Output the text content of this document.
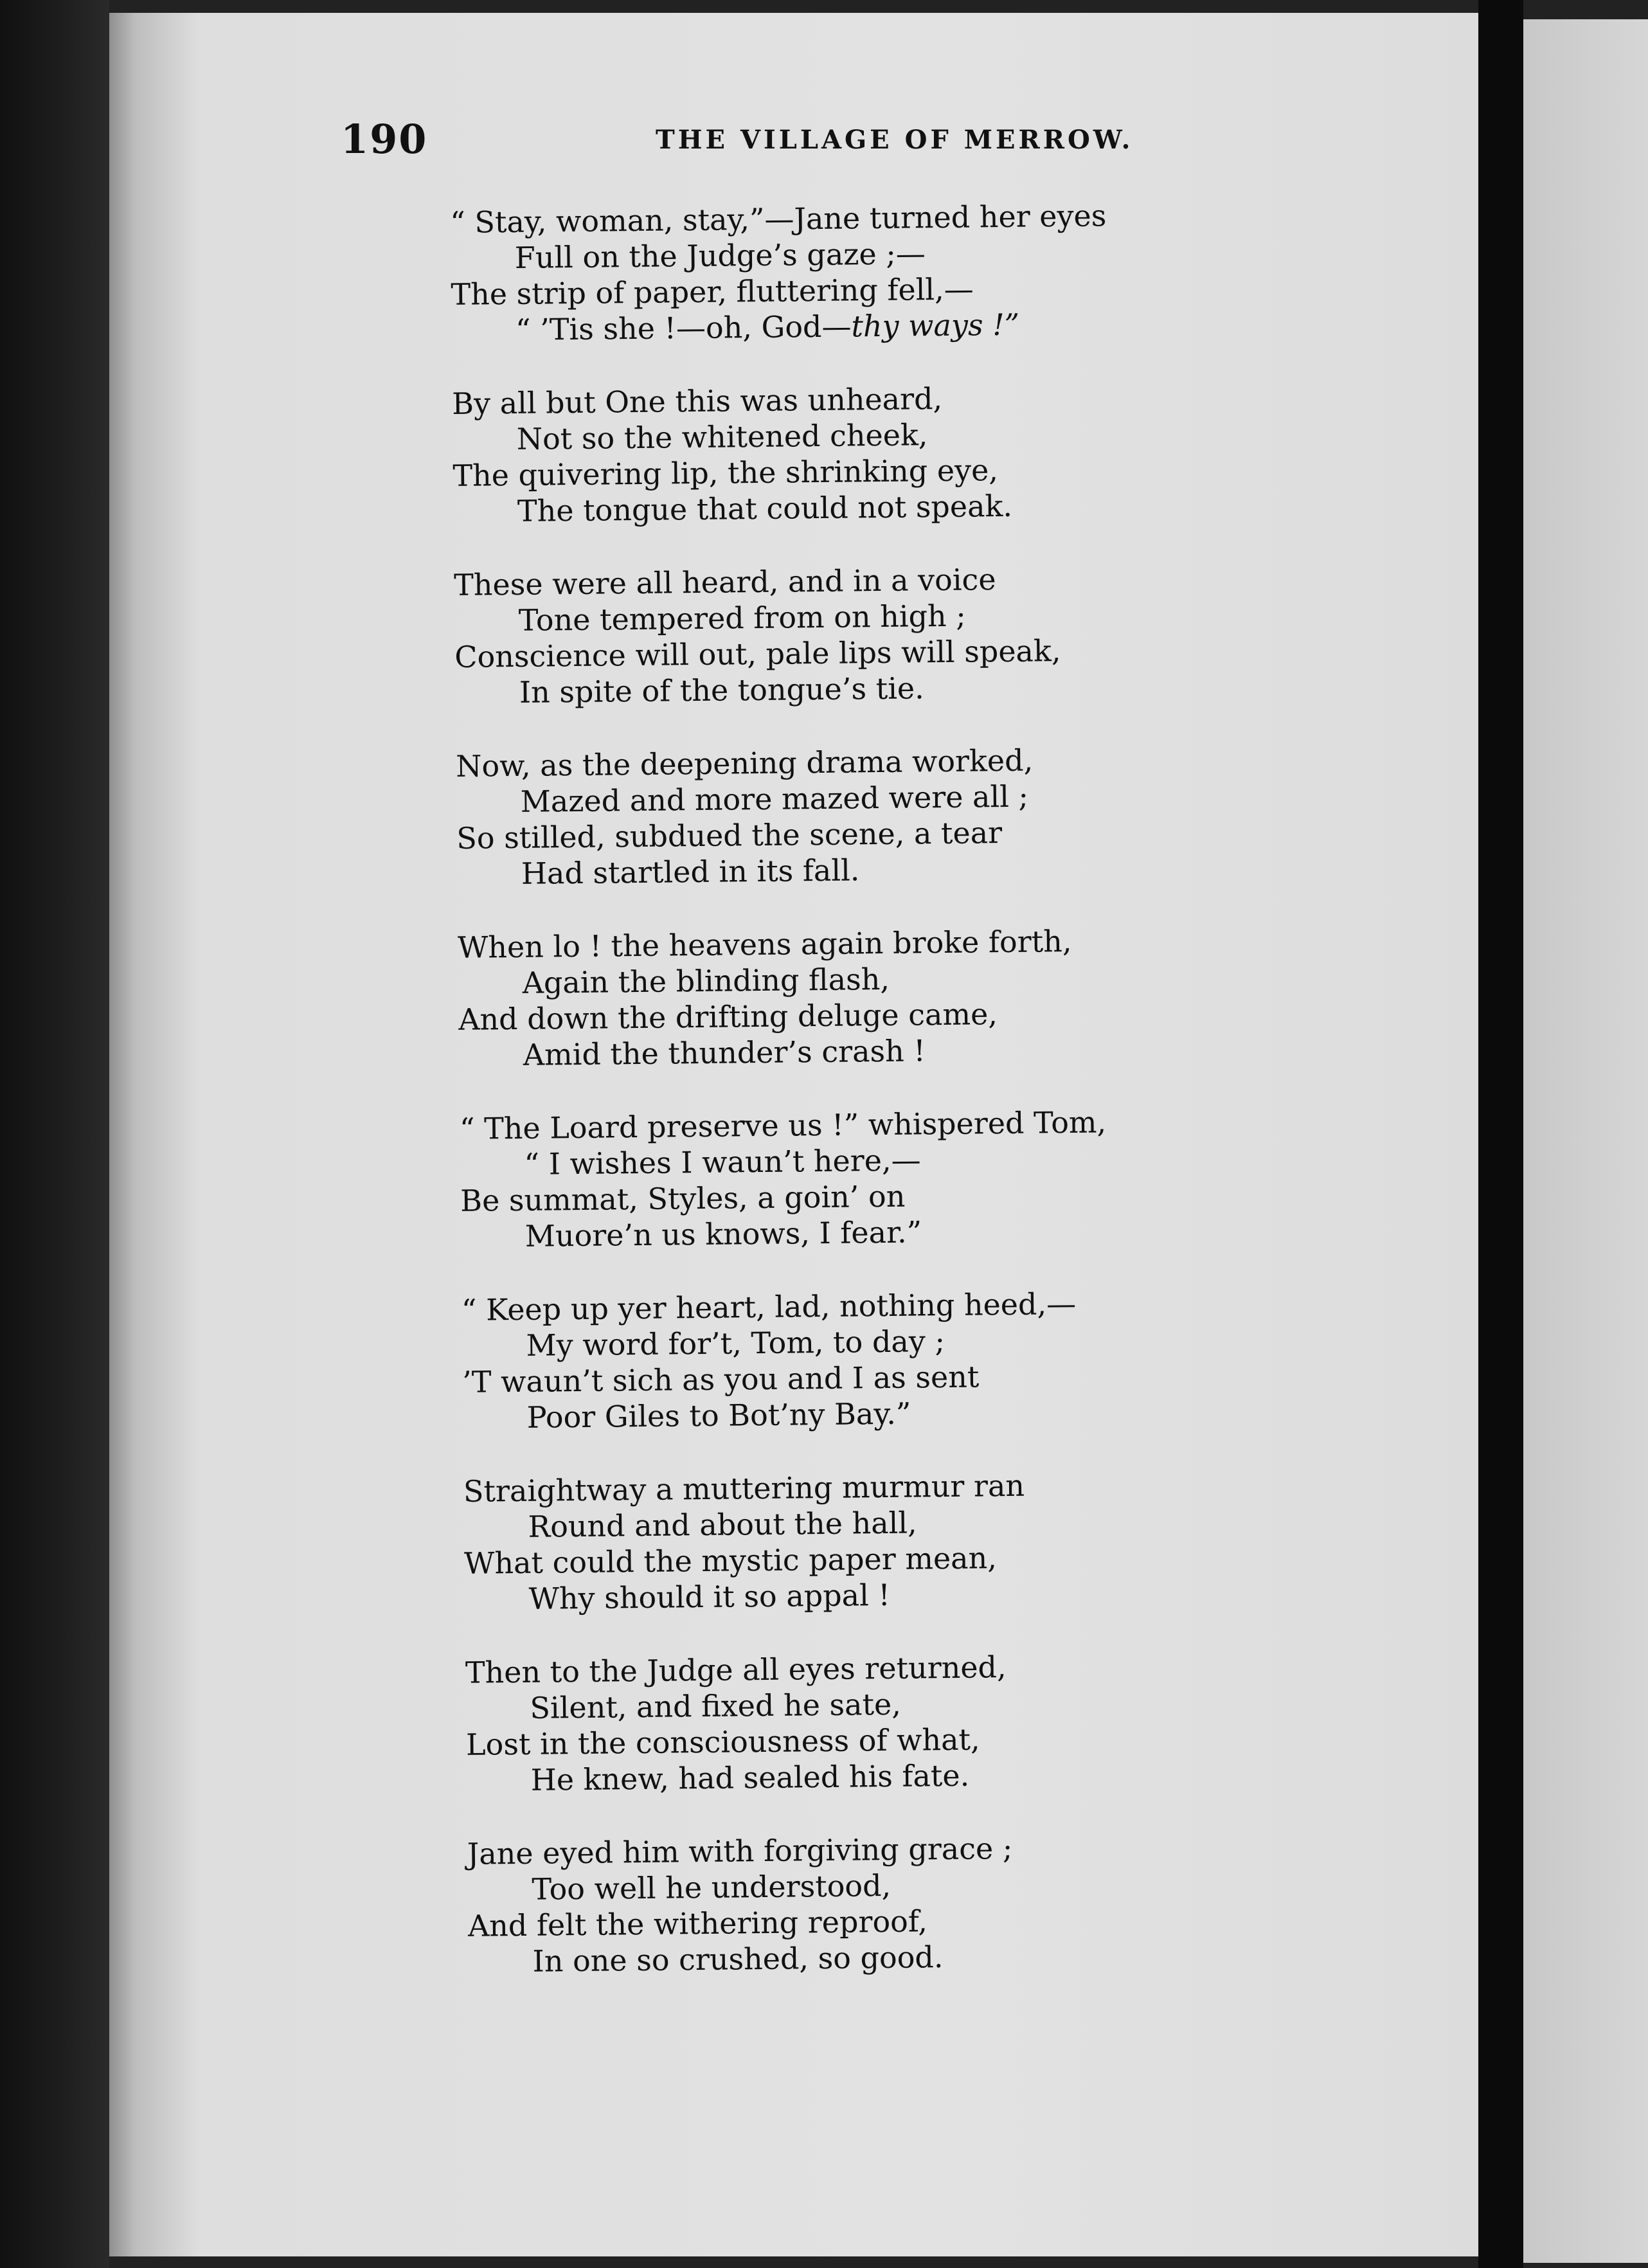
190	THE VILLAGE OF MERROW.
“ Stay, woman, stay,”—Jane turned her eyes
Full on the Judge’s gaze ;—
The strip of paper, fluttering fell,—
“ ’Tis she !—oh, God—thy ways !”
By all but One this was unheard,
Not so the whitened cheek,
The quivering lip, the shrinking eye,
The tongue that could not speak.
These were all heard, and in a voice
Tone tempered from on high ;
Conscience will out, pale lips will speak,
In spite of the tongue’s tie.
Now, as the deepening drama worked,
Mazed and more mazed were all ;
So stilled, subdued the scene, a tear
Had startled in its fall.
When lo ! the heavens again broke forth,
Again the blinding flash,
And down the drifting deluge came,
Amid the thunder’s crash !
“ The Loard preserve us !” whispered Tom,
“ I wishes I waun’t here,—
Be summat, Styles, a goin’ on
Muore’n us knows, I fear.”
“ Keep up yer heart, lad, nothing heed,—
My word for’t, Tom, to day ;
’T waun’t sich as you and I as sent
Poor Giles to Bot’ny Bay.”
Straightway a muttering murmur ran
Round and about the hall,
What could the mystic paper mean,
Why should it so appal !
Then to the Judge all eyes returned,
Silent, and fixed he sate,
Lost in the consciousness of what,
He knew, had sealed his fate.
Jane eyed him with forgiving grace ;
Too well he understood,
And felt the withering reproof,
In one so crushed, so good.
